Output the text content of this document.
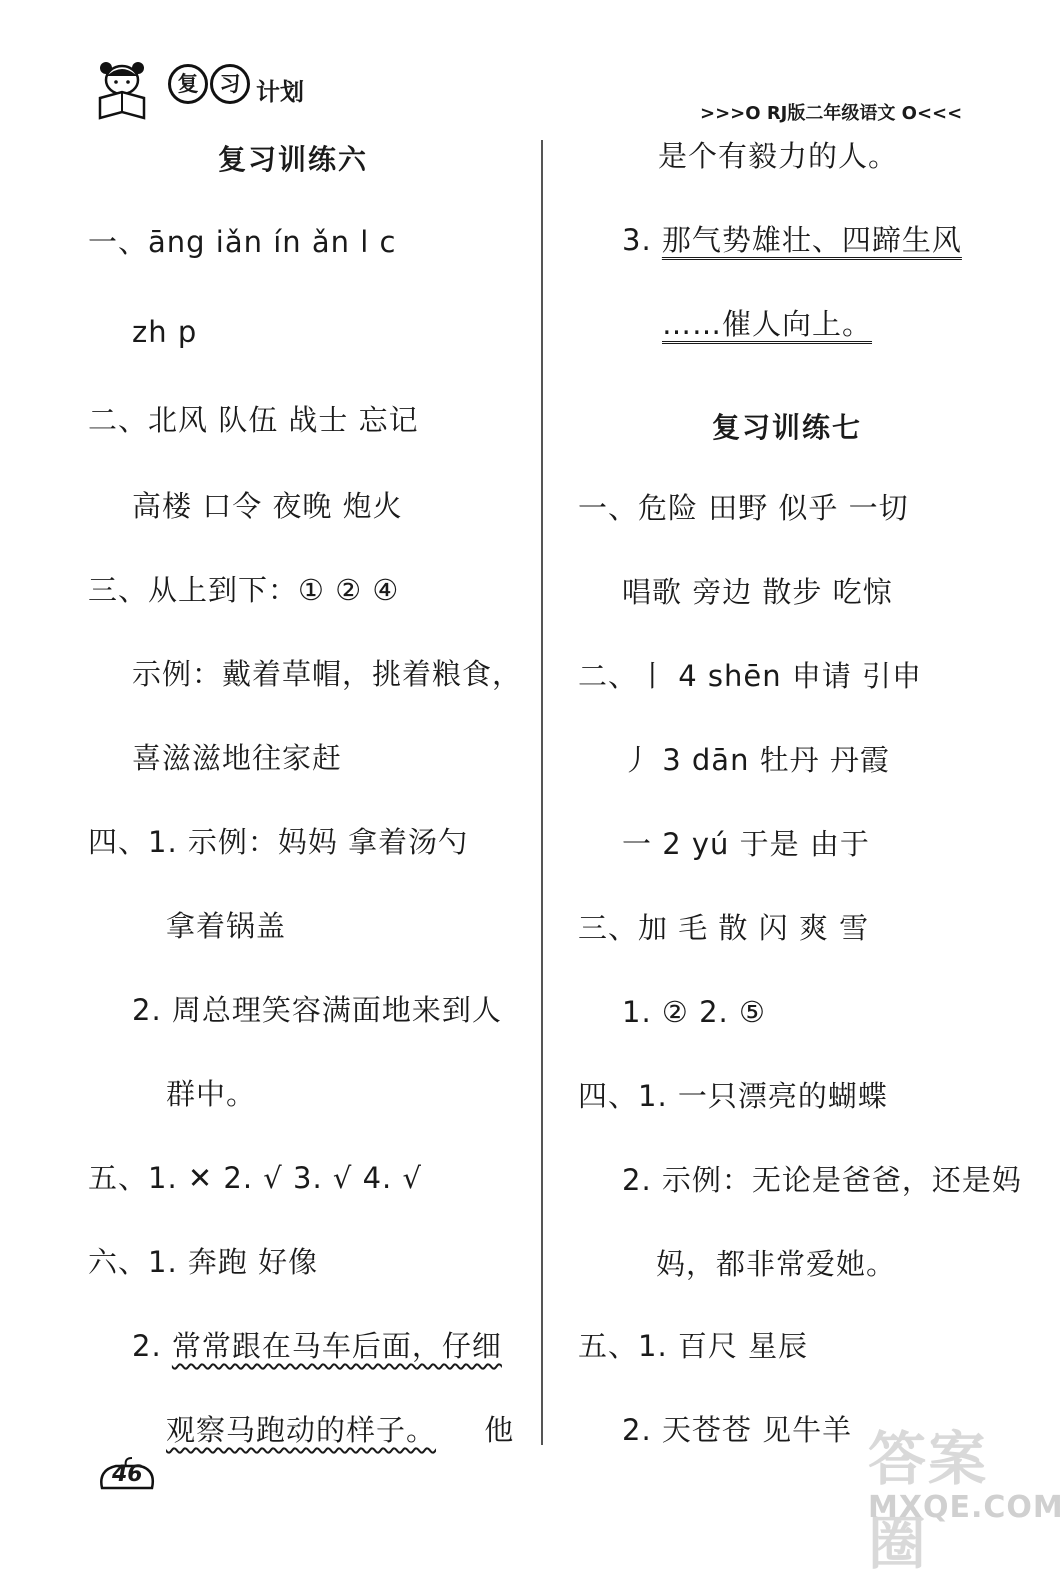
复	习 计划
>>>O RJ版二年级语文 O<<<
复习训练六
一、āng iǎn ín ǎn l c
zh p
二、北风 队伍 战士 忘记
高楼 口令 夜晚 炮火
三、从上到下：① ② ④
示例：戴着草帽，挑着粮食，
喜滋滋地往家赶
四、1. 示例：妈妈 拿着汤勺
拿着锅盖
2. 周总理笑容满面地来到人
群中。
五、1. ✕ 2. √ 3. √ 4. √
六、1. 奔跑 好像
2. 常常跟在马车后面，仔细
观察马跑动的样子。 他
是个有毅力的人。
3. 那气势雄壮、四蹄生风
……催人向上。
复习训练七
一、危险 田野 似乎 一切
唱歌 旁边 散步 吃惊
二、丨 4 shēn 申请 引申
丿 3 dān 牡丹 丹霞
一 2 yú 于是 由于
三、加 毛 散 闪 爽 雪
1. ② 2. ⑤
四、1. 一只漂亮的蝴蝶
2. 示例：无论是爸爸，还是妈
妈，都非常爱她。
五、1. 百尺 星辰
2. 天苍苍 见牛羊
46	答案圈
MXQE.COM
